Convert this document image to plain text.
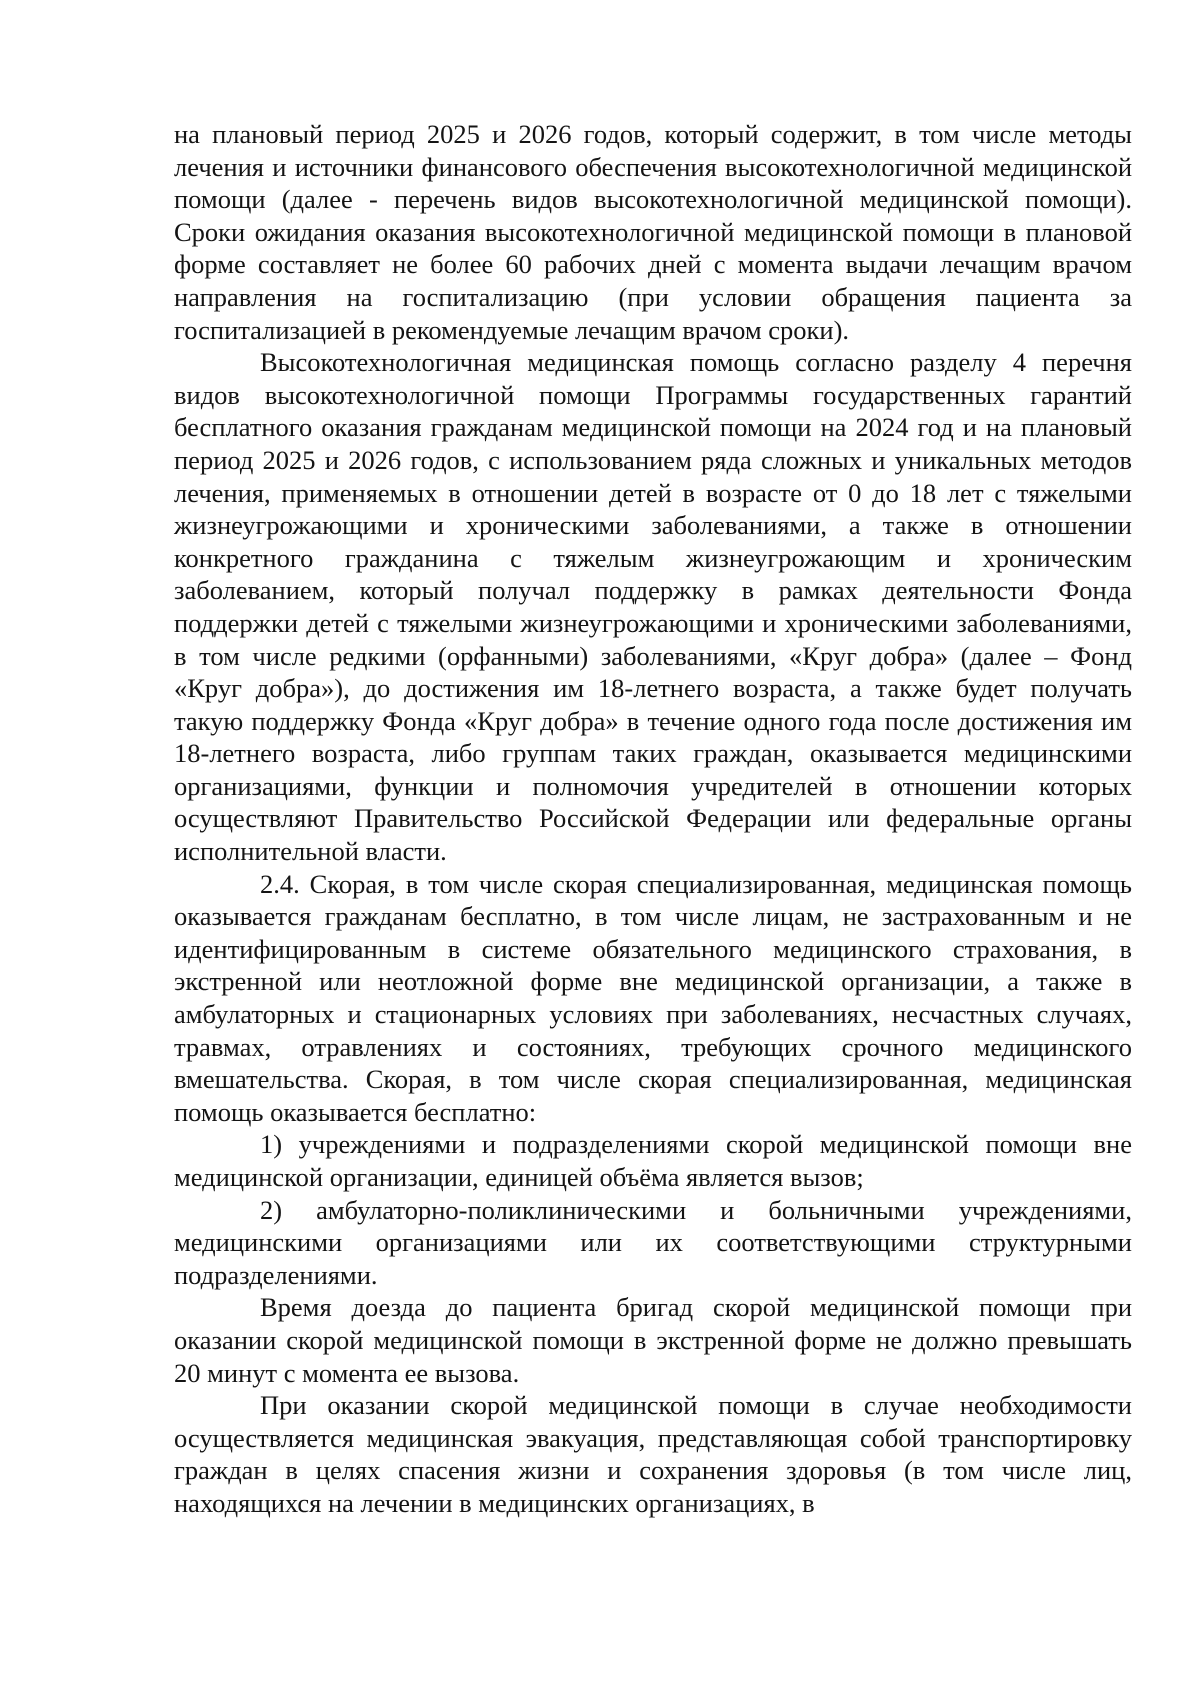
на плановый период 2025 и 2026 годов, который содержит, в том числе методы лечения и источники финансового обеспечения высокотехнологичной медицинской помощи (далее - перечень видов высокотехнологичной медицинской помощи). Сроки ожидания оказания высокотехнологичной медицинской помощи в плановой форме составляет не более 60 рабочих дней с момента выдачи лечащим врачом направления на госпитализацию (при условии обращения пациента за госпитализацией в рекомендуемые лечащим врачом сроки).

Высокотехнологичная медицинская помощь согласно разделу 4 перечня видов высокотехнологичной помощи Программы государственных гарантий бесплатного оказания гражданам медицинской помощи на 2024 год и на плановый период 2025 и 2026 годов, с использованием ряда сложных и уникальных методов лечения, применяемых в отношении детей в возрасте от 0 до 18 лет с тяжелыми жизнеугрожающими и хроническими заболеваниями, а также в отношении конкретного гражданина с тяжелым жизнеугрожающим и хроническим заболеванием, который получал поддержку в рамках деятельности Фонда поддержки детей с тяжелыми жизнеугрожающими и хроническими заболеваниями, в том числе редкими (орфанными) заболеваниями, «Круг добра» (далее – Фонд «Круг добра»), до достижения им 18-летнего возраста, а также будет получать такую поддержку Фонда «Круг добра» в течение одного года после достижения им 18-летнего возраста, либо группам таких граждан, оказывается медицинскими организациями, функции и полномочия учредителей в отношении которых осуществляют Правительство Российской Федерации или федеральные органы исполнительной власти.

2.4. Скорая, в том числе скорая специализированная, медицинская помощь оказывается гражданам бесплатно, в том числе лицам, не застрахованным и не идентифицированным в системе обязательного медицинского страхования, в экстренной или неотложной форме вне медицинской организации, а также в амбулаторных и стационарных условиях при заболеваниях, несчастных случаях, травмах, отравлениях и состояниях, требующих срочного медицинского вмешательства. Скорая, в том числе скорая специализированная, медицинская помощь оказывается бесплатно:

1) учреждениями и подразделениями скорой медицинской помощи вне медицинской организации, единицей объёма является вызов;

2) амбулаторно-поликлиническими и больничными учреждениями, медицинскими организациями или их соответствующими структурными подразделениями.

Время доезда до пациента бригад скорой медицинской помощи при оказании скорой медицинской помощи в экстренной форме не должно превышать 20 минут с момента ее вызова.

При оказании скорой медицинской помощи в случае необходимости осуществляется медицинская эвакуация, представляющая собой транспортировку граждан в целях спасения жизни и сохранения здоровья (в том числе лиц, находящихся на лечении в медицинских организациях, в
